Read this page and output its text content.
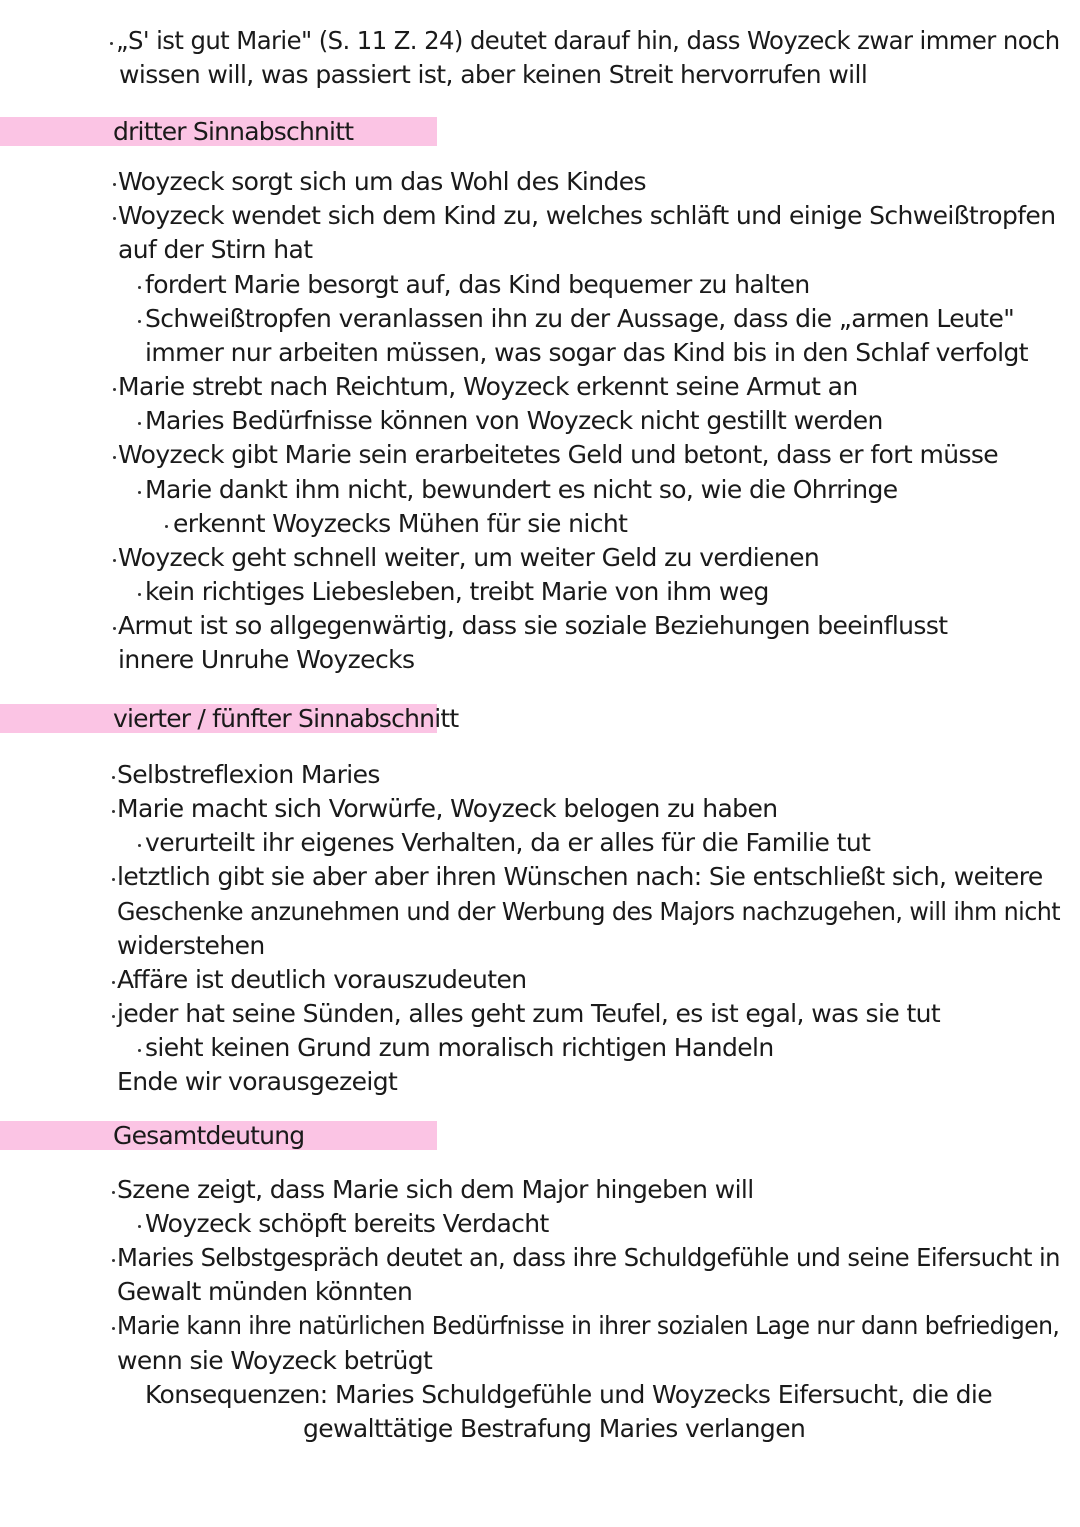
„S' ist gut Marie" (S. 11 Z. 24) deutet darauf hin, dass Woyzeck zwar immer noch
wissen will, was passiert ist, aber keinen Streit hervorrufen will
dritter Sinnabschnitt
Woyzeck sorgt sich um das Wohl des Kindes
Woyzeck wendet sich dem Kind zu, welches schläft und einige Schweißtropfen
auf der Stirn hat
fordert Marie besorgt auf, das Kind bequemer zu halten
Schweißtropfen veranlassen ihn zu der Aussage, dass die „armen Leute"
immer nur arbeiten müssen, was sogar das Kind bis in den Schlaf verfolgt
Marie strebt nach Reichtum, Woyzeck erkennt seine Armut an
Maries Bedürfnisse können von Woyzeck nicht gestillt werden
Woyzeck gibt Marie sein erarbeitetes Geld und betont, dass er fort müsse
Marie dankt ihm nicht, bewundert es nicht so, wie die Ohrringe
erkennt Woyzecks Mühen für sie nicht
Woyzeck geht schnell weiter, um weiter Geld zu verdienen
kein richtiges Liebesleben, treibt Marie von ihm weg
Armut ist so allgegenwärtig, dass sie soziale Beziehungen beeinflusst
innere Unruhe Woyzecks
vierter / fünfter Sinnabschnitt
Selbstreflexion Maries
Marie macht sich Vorwürfe, Woyzeck belogen zu haben
verurteilt ihr eigenes Verhalten, da er alles für die Familie tut
letztlich gibt sie aber aber ihren Wünschen nach: Sie entschließt sich, weitere
Geschenke anzunehmen und der Werbung des Majors nachzugehen, will ihm nicht
widerstehen
Affäre ist deutlich vorauszudeuten
jeder hat seine Sünden, alles geht zum Teufel, es ist egal, was sie tut
sieht keinen Grund zum moralisch richtigen Handeln
Ende wir vorausgezeigt
Gesamtdeutung
Szene zeigt, dass Marie sich dem Major hingeben will
Woyzeck schöpft bereits Verdacht
Maries Selbstgespräch deutet an, dass ihre Schuldgefühle und seine Eifersucht in
Gewalt münden könnten
Marie kann ihre natürlichen Bedürfnisse in ihrer sozialen Lage nur dann befriedigen,
wenn sie Woyzeck betrügt
Konsequenzen: Maries Schuldgefühle und Woyzecks Eifersucht, die die
gewalttätige Bestrafung Maries verlangen
